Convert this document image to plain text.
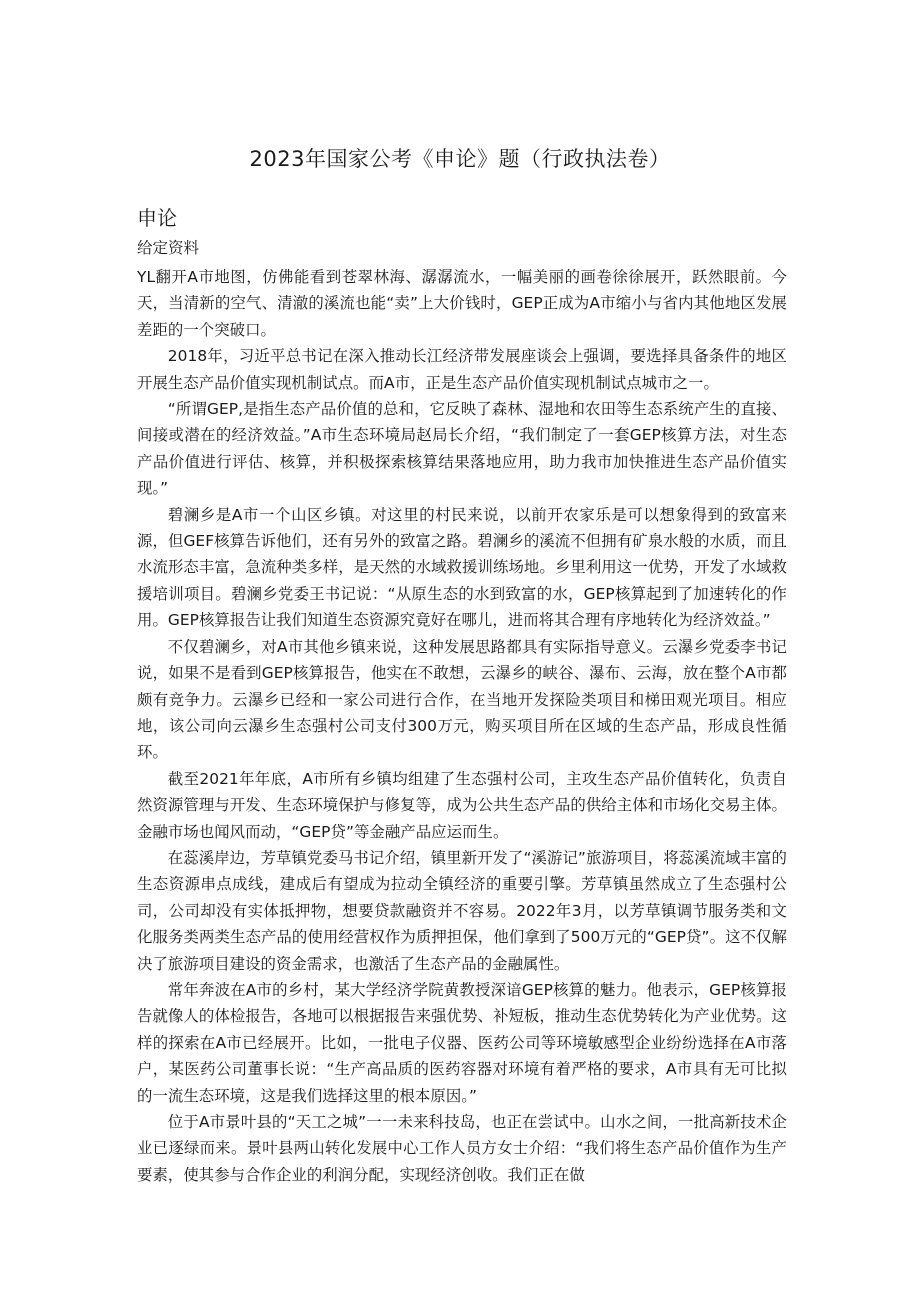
2023年国家公考《申论》题（行政执法卷）
申论
给定资料

YL翻开A市地图，仿佛能看到苍翠林海、潺潺流水，一幅美丽的画卷徐徐展开，跃然眼前。今天，当清新的空气、清澈的溪流也能“卖”上大价钱时，GEP正成为A市缩小与省内其他地区发展差距的一个突破口。

2018年，习近平总书记在深入推动长江经济带发展座谈会上强调，要选择具备条件的地区开展生态产品价值实现机制试点。而A市，正是生态产品价值实现机制试点城市之一。

“所谓GEP,是指生态产品价值的总和，它反映了森林、湿地和农田等生态系统产生的直接、间接或潜在的经济效益。”A市生态环境局赵局长介绍，“我们制定了一套GEP核算方法，对生态产品价值进行评估、核算，并积极探索核算结果落地应用，助力我市加快推进生态产品价值实现。”

碧澜乡是A市一个山区乡镇。对这里的村民来说，以前开农家乐是可以想象得到的致富来源，但GEF核算告诉他们，还有另外的致富之路。碧澜乡的溪流不但拥有矿泉水般的水质，而且水流形态丰富，急流种类多样，是天然的水域救援训练场地。乡里利用这一优势，开发了水域救援培训项目。碧澜乡党委王书记说：“从原生态的水到致富的水，GEP核算起到了加速转化的作用。GEP核算报告让我们知道生态资源究竟好在哪儿，进而将其合理有序地转化为经济效益。”

不仅碧澜乡，对A市其他乡镇来说，这种发展思路都具有实际指导意义。云瀑乡党委李书记说，如果不是看到GEP核算报告，他实在不敢想，云瀑乡的峡谷、瀑布、云海，放在整个A市都颇有竞争力。云瀑乡已经和一家公司进行合作，在当地开发探险类项目和梯田观光项目。相应地，该公司向云瀑乡生态强村公司支付300万元，购买项目所在区域的生态产品，形成良性循环。

截至2021年年底，A市所有乡镇均组建了生态强村公司，主攻生态产品价值转化，负责自然资源管理与开发、生态环境保护与修复等，成为公共生态产品的供给主体和市场化交易主体。金融市场也闻风而动，“GEP贷”等金融产品应运而生。

在蕊溪岸边，芳草镇党委马书记介绍，镇里新开发了“溪游记”旅游项目，将蕊溪流域丰富的生态资源串点成线，建成后有望成为拉动全镇经济的重要引擎。芳草镇虽然成立了生态强村公司，公司却没有实体抵押物，想要贷款融资并不容易。2022年3月，以芳草镇调节服务类和文化服务类两类生态产品的使用经营权作为质押担保，他们拿到了500万元的“GEP贷”。这不仅解决了旅游项目建设的资金需求，也激活了生态产品的金融属性。

常年奔波在A市的乡村，某大学经济学院黄教授深谙GEP核算的魅力。他表示，GEP核算报告就像人的体检报告，各地可以根据报告来强优势、补短板，推动生态优势转化为产业优势。这样的探索在A市已经展开。比如，一批电子仪器、医药公司等环境敏感型企业纷纷选择在A市落户，某医药公司董事长说：“生产高品质的医药容器对环境有着严格的要求，A市具有无可比拟的一流生态环境，这是我们选择这里的根本原因。”

位于A市景叶县的“天工之城”一一未来科技岛，也正在尝试中。山水之间，一批高新技术企业已逐绿而来。景叶县两山转化发展中心工作人员方女士介绍：“我们将生态产品价值作为生产要素，使其参与合作企业的利润分配，实现经济创收。我们正在做
